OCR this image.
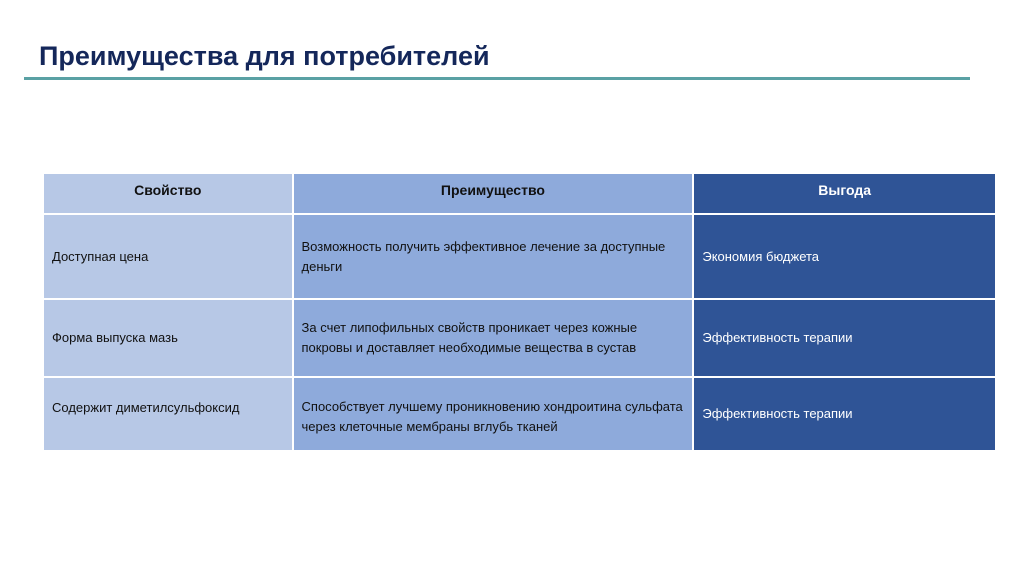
Преимущества для потребителей
Свойство	Преимущество	Выгода
Доступная цена	Возможность получить эффективное лечение за доступные деньги	Экономия бюджета
Форма выпуска мазь	За счет липофильных свойств проникает через кожные покровы и доставляет необходимые вещества в сустав	Эффективность терапии
Содержит диметилсульфоксид	Способствует лучшему проникновению хондроитина сульфата через клеточные мембраны вглубь тканей	Эффективность терапии
